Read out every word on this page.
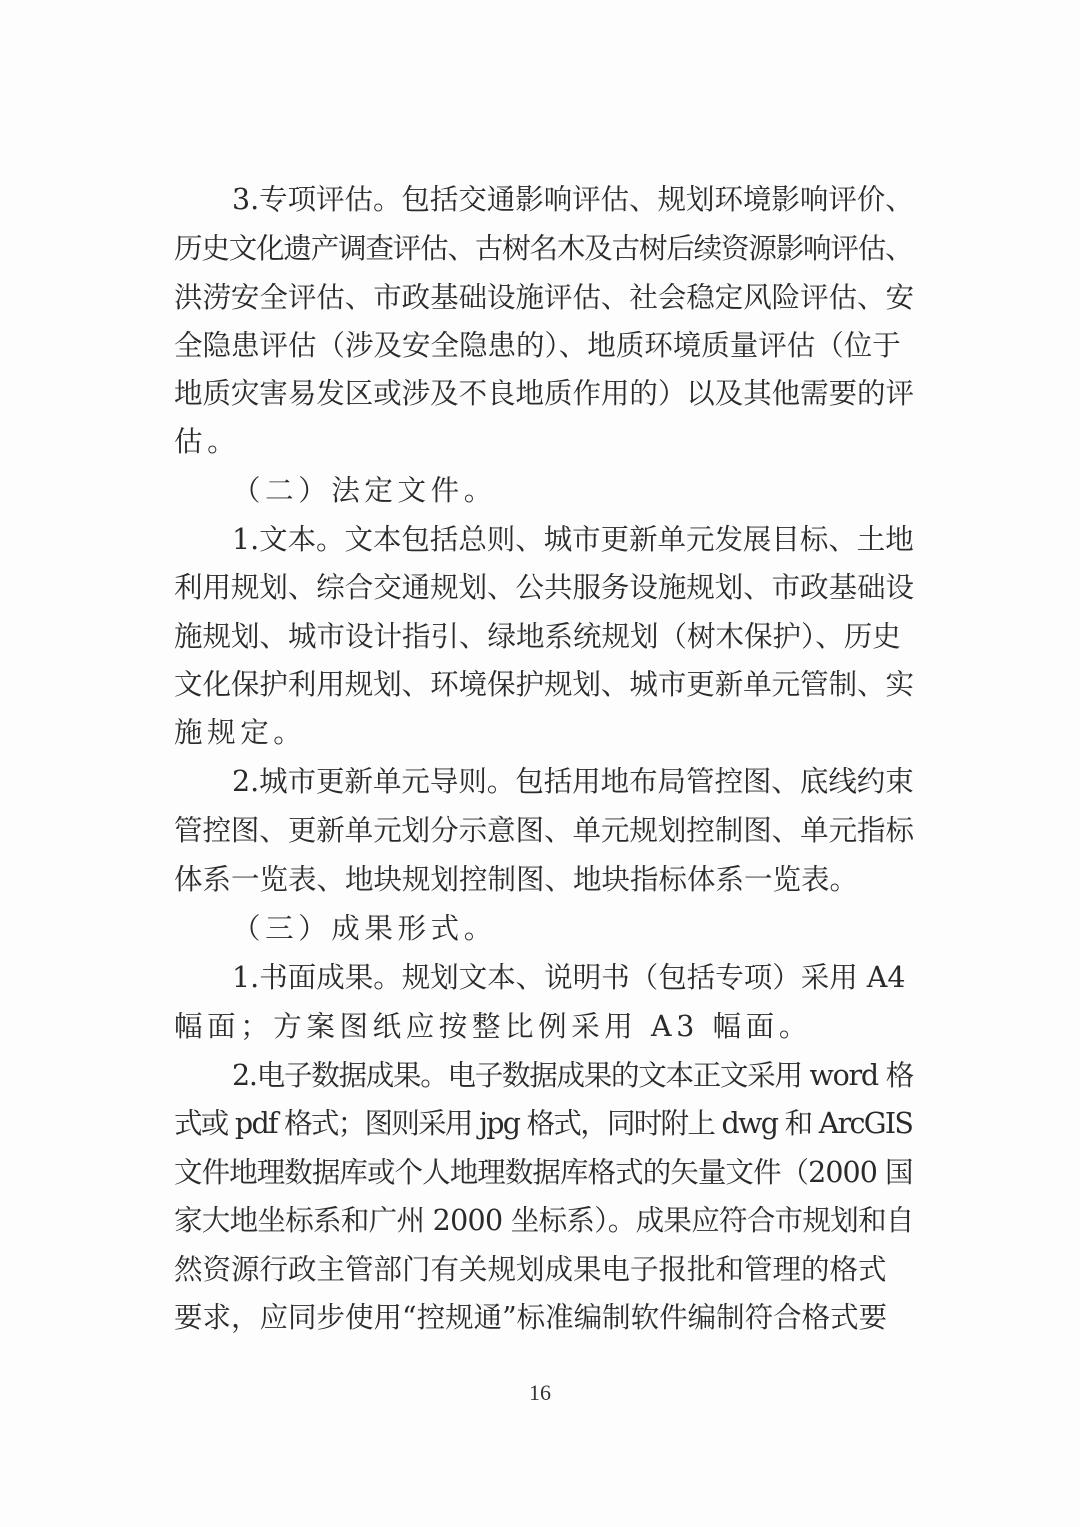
3.专项评估。包括交通影响评估、规划环境影响评价、
历史文化遗产调查评估、古树名木及古树后续资源影响评估、
洪涝安全评估、市政基础设施评估、社会稳定风险评估、安
全隐患评估（涉及安全隐患的）、地质环境质量评估（位于
地质灾害易发区或涉及不良地质作用的）以及其他需要的评
估。
（二）法定文件。
1.文本。文本包括总则、城市更新单元发展目标、土地
利用规划、综合交通规划、公共服务设施规划、市政基础设
施规划、城市设计指引、绿地系统规划（树木保护）、历史
文化保护利用规划、环境保护规划、城市更新单元管制、实
施规定。
2.城市更新单元导则。包括用地布局管控图、底线约束
管控图、更新单元划分示意图、单元规划控制图、单元指标
体系一览表、地块规划控制图、地块指标体系一览表。
（三）成果形式。
1.书面成果。规划文本、说明书（包括专项）采用 A4
幅面；方案图纸应按整比例采用 A3 幅面。
2.电子数据成果。电子数据成果的文本正文采用 word 格
式或 pdf 格式；图则采用 jpg 格式，同时附上 dwg 和 ArcGIS
文件地理数据库或个人地理数据库格式的矢量文件（2000 国
家大地坐标系和广州 2000 坐标系）。成果应符合市规划和自
然资源行政主管部门有关规划成果电子报批和管理的格式
要求，应同步使用“控规通”标准编制软件编制符合格式要
16
